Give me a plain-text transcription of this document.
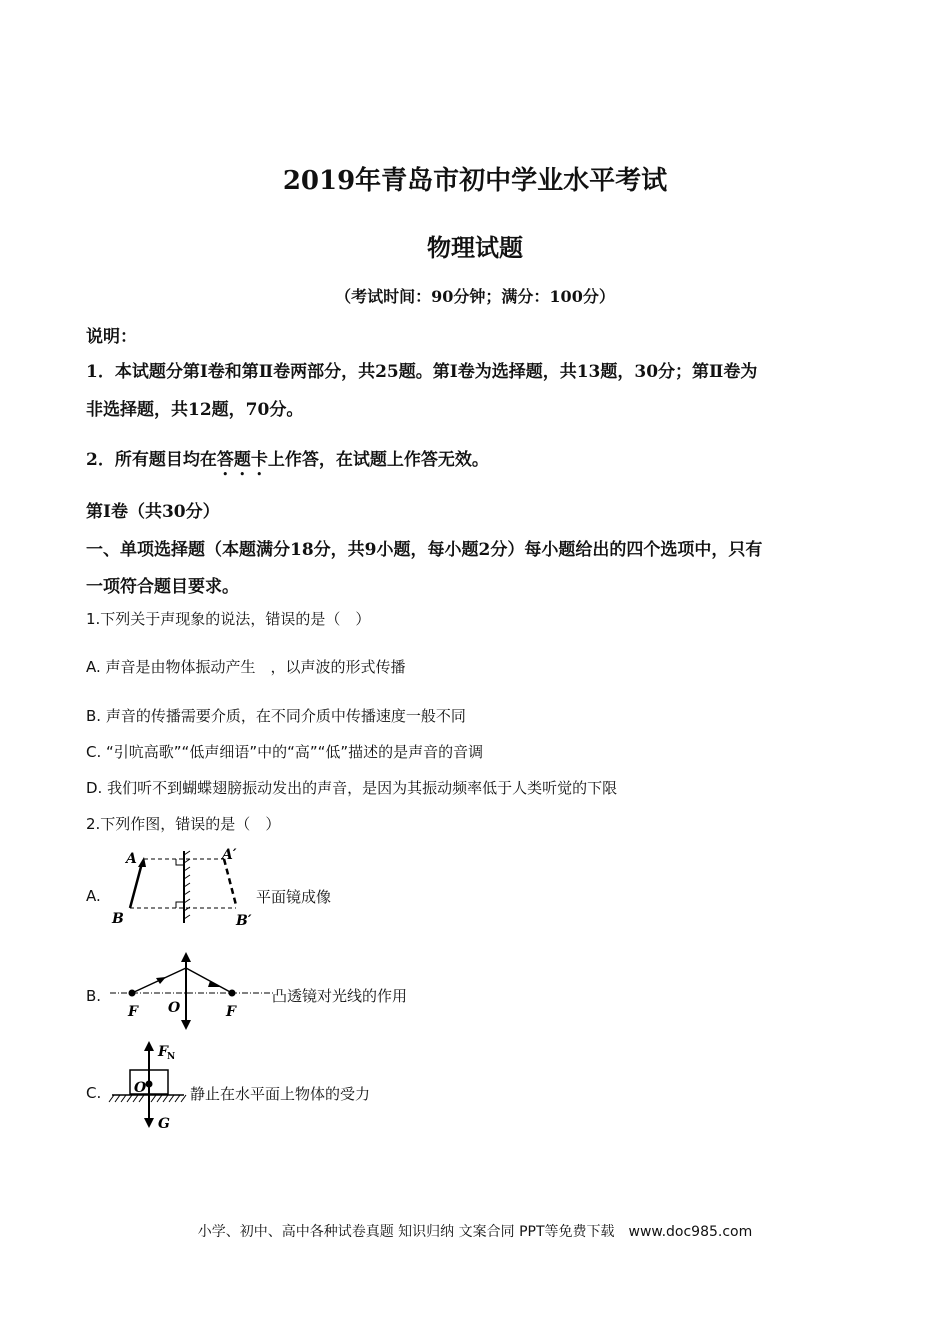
2019年青岛市初中学业水平考试
物理试题
（考试时间：90分钟；满分：100分）
说明：
1．本试题分第Ⅰ卷和第Ⅱ卷两部分，共25题。第Ⅰ卷为选择题，共13题，30分；第Ⅱ卷为
非选择题，共12题，70分。
2．所有题目均在答题卡上作答，在试题上作答无效。
第Ⅰ卷（共30分）
一、单项选择题（本题满分18分，共9小题，每小题2分）每小题给出的四个选项中，只有
一项符合题目要求。
1.下列关于声现象的说法，错误的是（　）
A. 声音是由物体振动产生　，以声波的形式传播
B. 声音的传播需要介质，在不同介质中传播速度一般不同
C. “引吭高歌”“低声细语”中的“高”“低”描述的是声音的音调
D. 我们听不到蝴蝶翅膀振动发出的声音，是因为其振动频率低于人类听觉的下限
2.下列作图，错误的是（　）
A.
A	A′
B	B′
平面镜成像
B.
F O	F
凸透镜对光线的作用
C.
F N
O
G
静止在水平面上物体的受力
小学、初中、高中各种试卷真题 知识归纳 文案合同 PPT等免费下载　www.doc985.com
